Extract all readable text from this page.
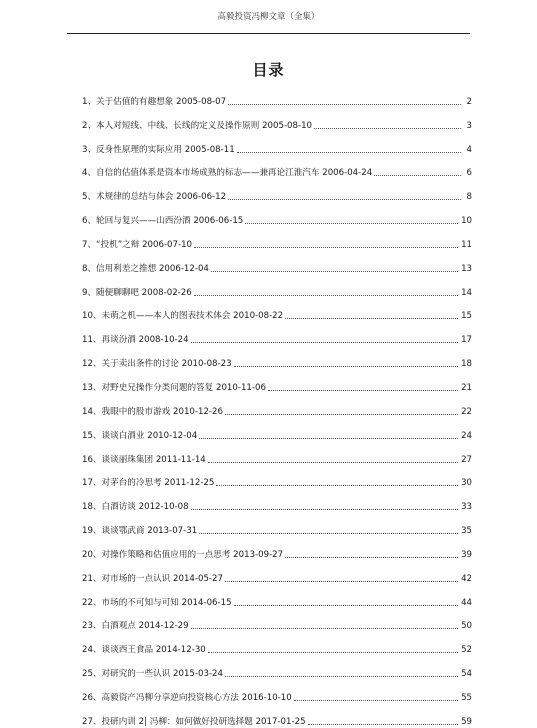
高毅投资冯柳文章（全集）
目录
1、关于估值的有趣想象 2005-08-07	2
2、本人对短线、中线、长线的定义及操作原则 2005-08-10	3
3、反身性原理的实际应用 2005-08-11	4
4、自信的估值体系是资本市场成熟的标志——兼再论江淮汽车 2006-04-24	6
5、术规律的总结与体会 2006-06-12	8
6、轮回与复兴——山西汾酒 2006-06-15	10
7、“投机”之辩 2006-07-10	11
8、信用利差之推想 2006-12-04	13
9、随便聊聊吧 2008-02-26	14
10、未萌之机——本人的图表技术体会 2010-08-22	15
11、再谈汾酒 2008-10-24	17
12、关于卖出条件的讨论 2010-08-23	18
13、对野史兄操作分类问题的答复 2010-11-06	21
14、我眼中的股市游戏 2010-12-26	22
15、谈谈白酒业 2010-12-04	24
16、谈谈丽珠集团 2011-11-14	27
17、对茅台的冷思考 2011-12-25	30
18、白酒访谈 2012-10-08	33
19、谈谈鄂武商 2013-07-31	35
20、对操作策略和估值应用的一点思考 2013-09-27	39
21、对市场的一点认识 2014-05-27	42
22、市场的不可知与可知 2014-06-15	44
23、白酒观点 2014-12-29	50
24、谈谈西王食品 2014-12-30	52
25、对研究的一些认识 2015-03-24	54
26、高毅资产冯柳分享逆向投资核心方法 2016-10-10	55
27、投研内训 2| 冯柳：如何做好投研选择题 2017-01-25	59
